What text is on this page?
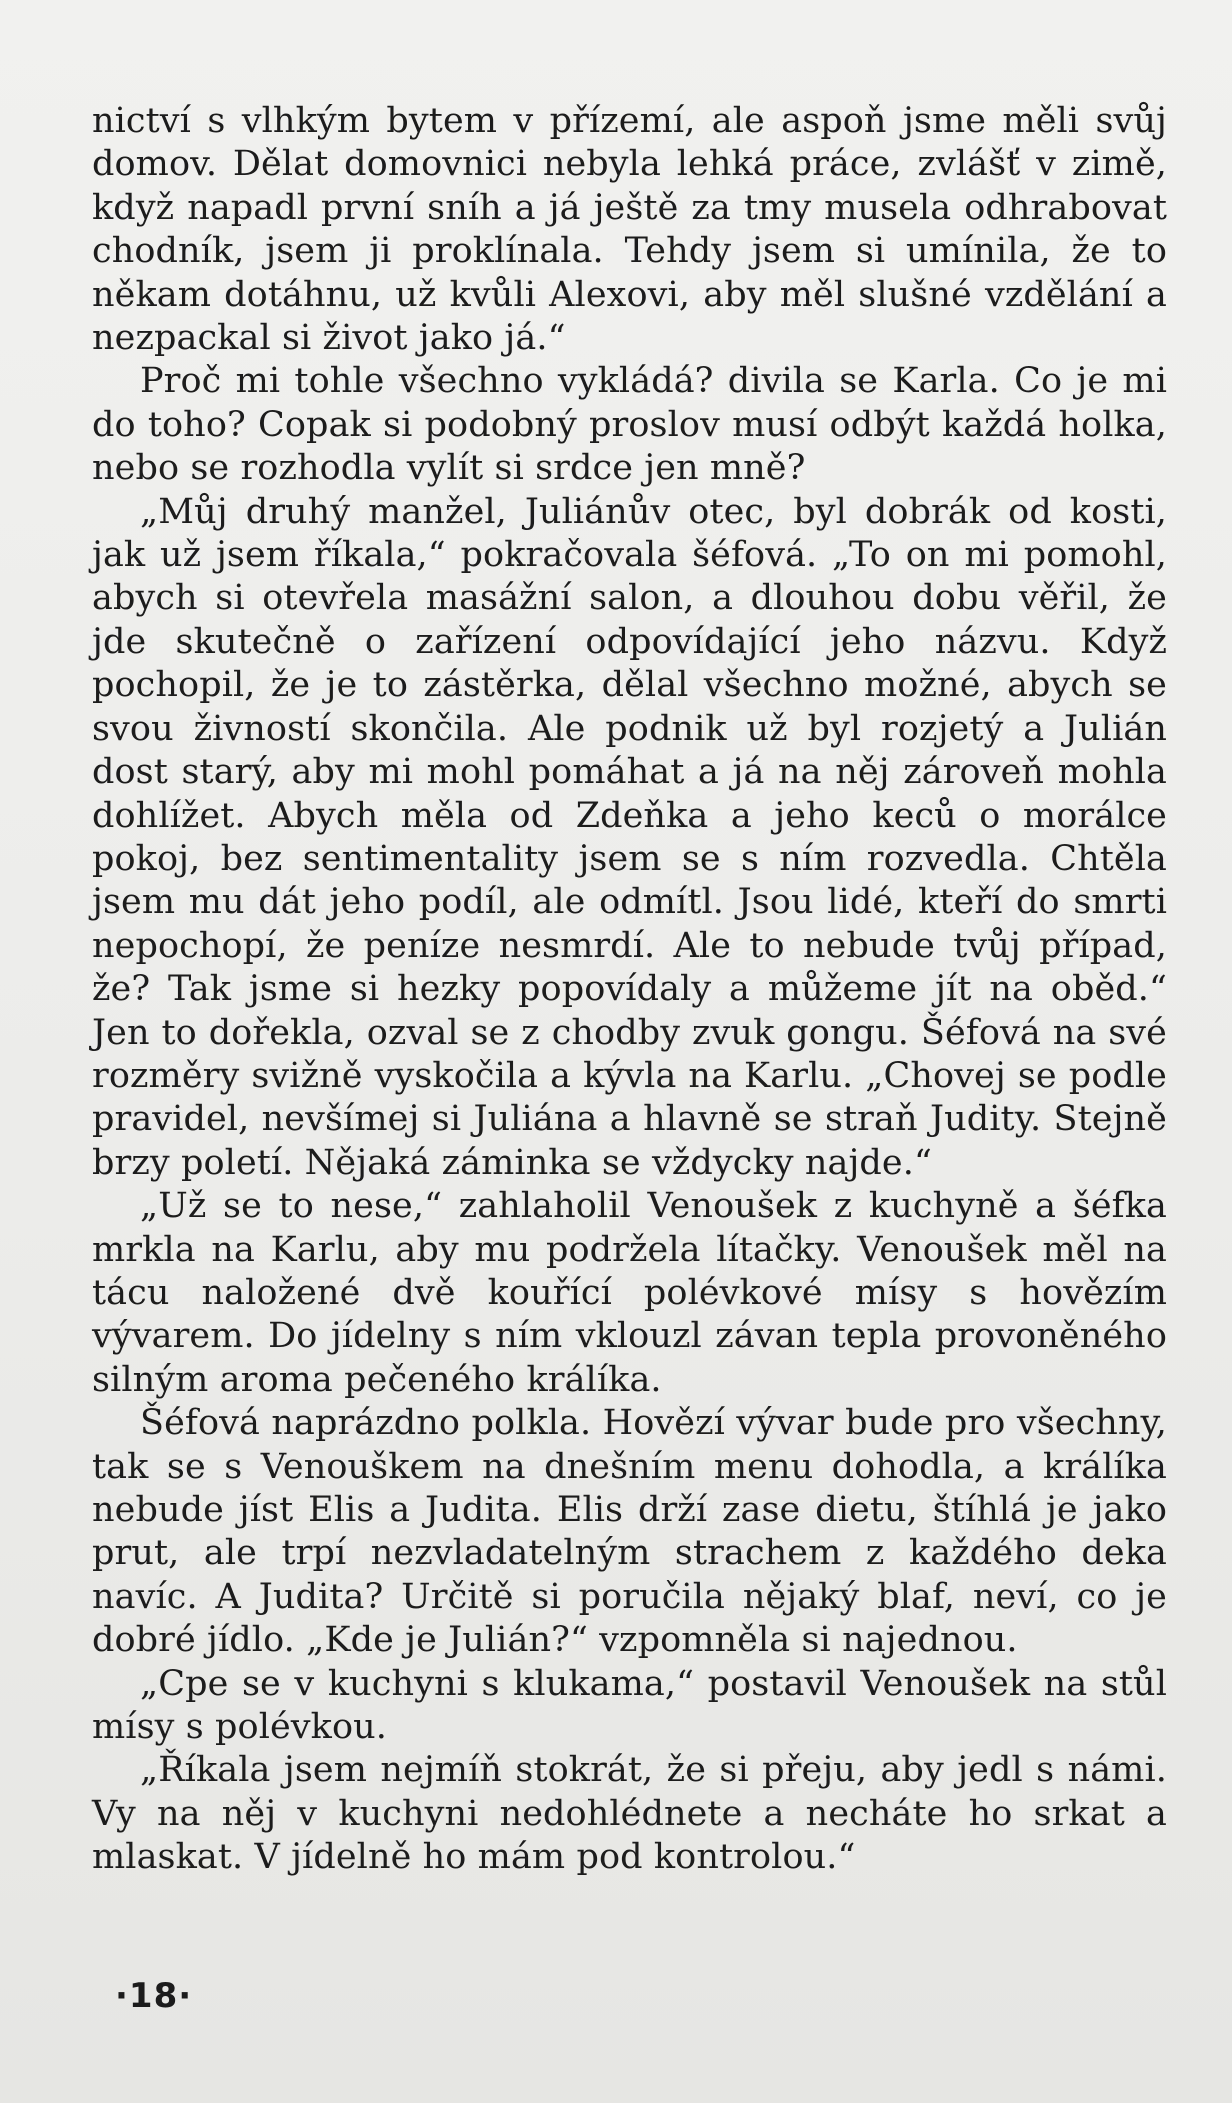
nictví s vlhkým bytem v přízemí, ale aspoň jsme měli svůj domov. Dělat domovnici nebyla lehká práce, zvlášť v zimě, když napadl první sníh a já ještě za tmy musela odhrabovat chodník, jsem ji proklínala. Tehdy jsem si umínila, že to někam dotáhnu, už kvůli Alexovi, aby měl slušné vzdělání a nezpackal si život jako já.“

Proč mi tohle všechno vykládá? divila se Karla. Co je mi do toho? Copak si podobný proslov musí odbýt každá holka, nebo se rozhodla vylít si srdce jen mně?

„Můj druhý manžel, Juliánův otec, byl dobrák od kosti, jak už jsem říkala,“ pokračovala šéfová. „To on mi pomohl, abych si otevřela masážní salon, a dlouhou dobu věřil, že jde skutečně o zařízení odpovídající jeho názvu. Když pochopil, že je to zástěrka, dělal všechno možné, abych se svou živností skončila. Ale podnik už byl rozjetý a Julián dost starý, aby mi mohl pomáhat a já na něj zároveň mohla dohlížet. Abych měla od Zdeňka a jeho keců o morálce pokoj, bez sentimentality jsem se s ním rozvedla. Chtěla jsem mu dát jeho podíl, ale odmítl. Jsou lidé, kteří do smrti nepochopí, že peníze nesmrdí. Ale to nebude tvůj případ, že? Tak jsme si hezky popovídaly a můžeme jít na oběd.“ Jen to dořekla, ozval se z chodby zvuk gongu. Šéfová na své rozměry svižně vyskočila a kývla na Karlu. „Chovej se podle pravidel, nevšímej si Juliána a hlavně se straň Judity. Stejně brzy poletí. Nějaká záminka se vždycky najde.“

„Už se to nese,“ zahlaholil Venoušek z kuchyně a šéfka mrkla na Karlu, aby mu podržela lítačky. Venoušek měl na tácu naložené dvě kouřící polévkové mísy s hovězím vývarem. Do jídelny s ním vklouzl závan tepla provoněného silným aroma pečeného králíka.

Šéfová naprázdno polkla. Hovězí vývar bude pro všechny, tak se s Venouškem na dnešním menu dohodla, a králíka nebude jíst Elis a Judita. Elis drží zase dietu, štíhlá je jako prut, ale trpí nezvladatelným strachem z každého deka navíc. A Judita? Určitě si poručila nějaký blaf, neví, co je dobré jídlo. „Kde je Julián?“ vzpomněla si najednou.

„Cpe se v kuchyni s klukama,“ postavil Venoušek na stůl mísy s polévkou.

„Říkala jsem nejmíň stokrát, že si přeju, aby jedl s námi. Vy na něj v kuchyni nedohlédnete a necháte ho srkat a mlaskat. V jídelně ho mám pod kontrolou.“

·18·
